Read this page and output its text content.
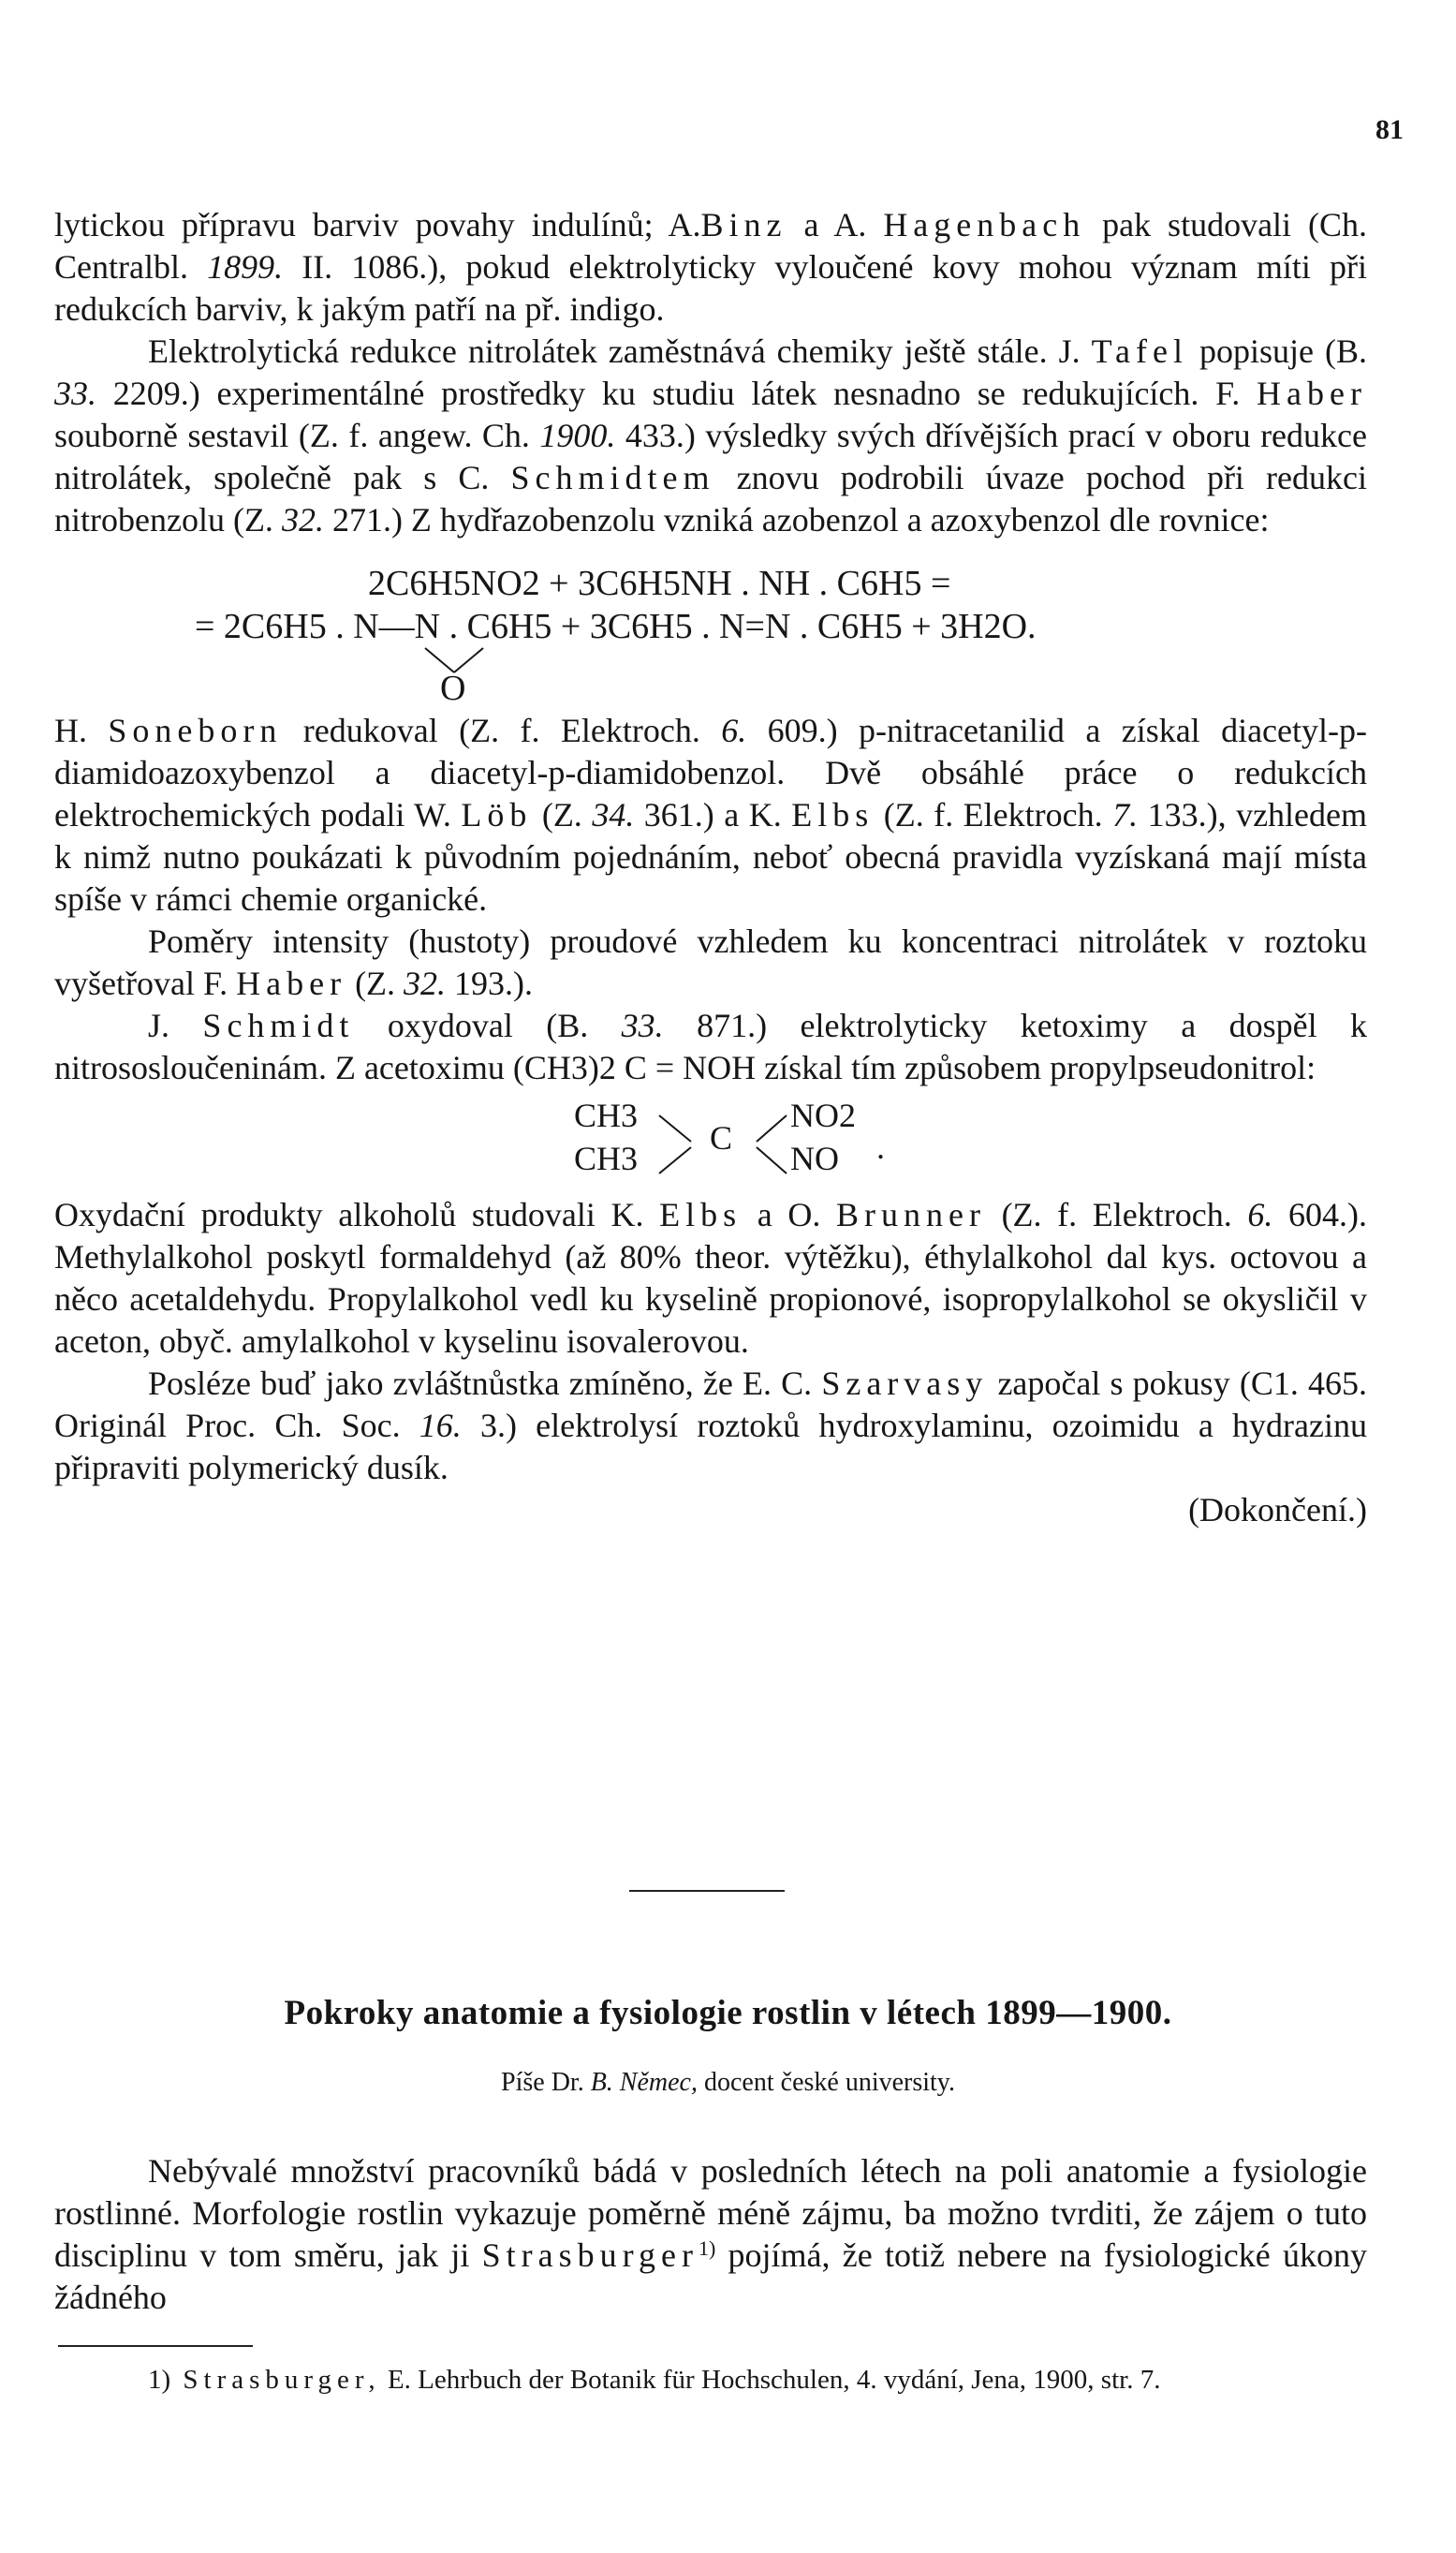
81

lytickou přípravu barviv povahy indulínů; A.Binz a A. Hagenbach pak studovali (Ch. Centralbl. 1899. II. 1086.), pokud elektrolyticky vyloučené kovy mohou význam míti při redukcích barviv, k jakým patří na př. indigo.

Elektrolytická redukce nitrolátek zaměstnává chemiky ještě stále. J. Tafel popisuje (B. 33. 2209.) experimentálné prostředky ku studiu látek nesnadno se redukujících. F. Haber souborně sestavil (Z. f. angew. Ch. 1900. 433.) výsledky svých dřívějších prací v oboru redukce nitrolátek, společně pak s C. Schmidtem znovu podrobili úvaze pochod při redukci nitrobenzolu (Z. 32. 271.) Z hydřazobenzolu vzniká azobenzol a azoxybenzol dle rovnice:

2C6H5NO2 + 3C6H5NH . NH . C6H5 =
= 2C6H5 . N—N . C6H5 + 3C6H5 . N=N . C6H5 + 3H2O.
O

H. Soneborn redukoval (Z. f. Elektroch. 6. 609.) p-nitracetanilid a získal diacetyl-p-diamidoazoxybenzol a diacetyl-p-diamidobenzol. Dvě obsáhlé práce o redukcích elektrochemických podali W. Löb (Z. 34. 361.) a K. Elbs (Z. f. Elektroch. 7. 133.), vzhledem k nimž nutno poukázati k původním pojednáním, neboť obecná pravidla vyzískaná mají místa spíše v rámci chemie organické.

Poměry intensity (hustoty) proudové vzhledem ku koncentraci nitrolátek v roztoku vyšetřoval F. Haber (Z. 32. 193.).

J. Schmidt oxydoval (B. 33. 871.) elektrolyticky ketoximy a dospěl k nitrososloučeninám. Z acetoximu (CH3)2 C = NOH získal tím způsobem propylpseudonitrol:

CH3
CH3
C
NO2
NO .

Oxydační produkty alkoholů studovali K. Elbs a O. Brunner (Z. f. Elektroch. 6. 604.). Methylalkohol poskytl formaldehyd (až 80% theor. výtěžku), éthylalkohol dal kys. octovou a něco acetaldehydu. Propylalkohol vedl ku kyselině propionové, isopropylalkohol se okysličil v aceton, obyč. amylalkohol v kyselinu isovalerovou.

Posléze buď jako zvláštnůstka zmíněno, že E. C. Szarvasy započal s pokusy (C1. 465. Originál Proc. Ch. Soc. 16. 3.) elektrolysí roztoků hydroxylaminu, ozoimidu a hydrazinu připraviti polymerický dusík.

(Dokončení.)

Pokroky anatomie a fysiologie rostlin v létech 1899—1900.
Píše Dr. B. Němec, docent české university.

Nebývalé množství pracovníků bádá v posledních létech na poli anatomie a fysiologie rostlinné. Morfologie rostlin vykazuje poměrně méně zájmu, ba možno tvrditi, že zájem o tuto disciplinu v tom směru, jak ji Strasburger$^{1)}$ pojímá, že totiž nebere na fysiologické úkony žádného

1) Strasburger, E. Lehrbuch der Botanik für Hochschulen, 4. vydání, Jena, 1900, str. 7.
